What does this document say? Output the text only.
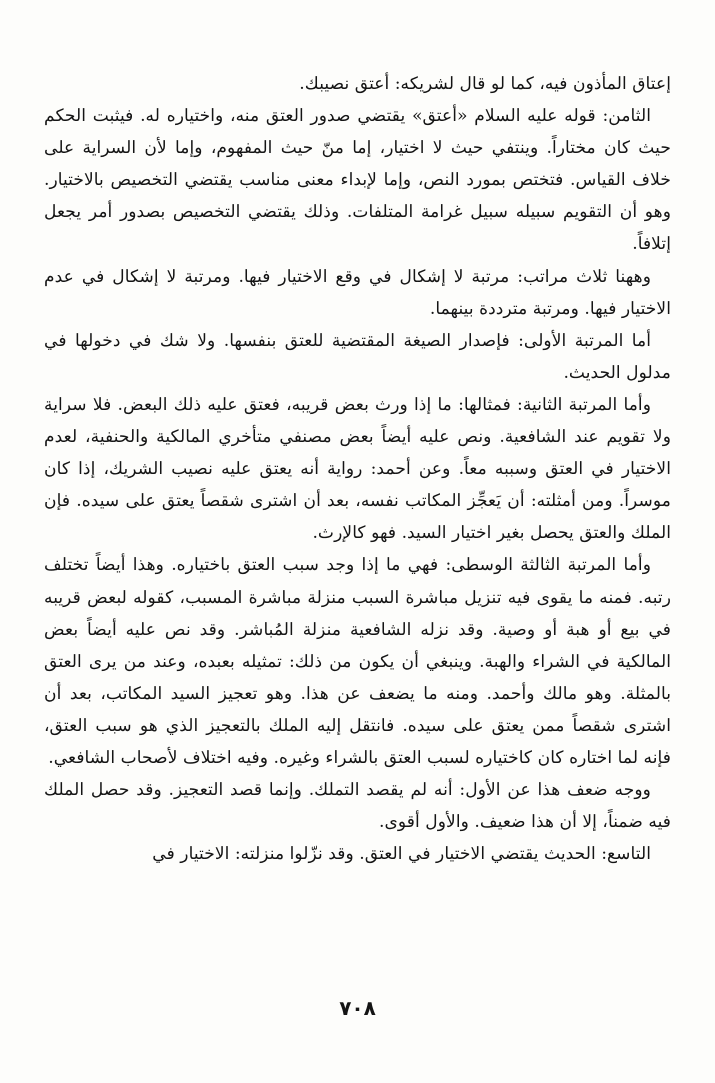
إعتاق المأذون فيه، كما لو قال لشريكه: أعتق نصيبك.

الثامن: قوله عليه السلام «أعتق» يقتضي صدور العتق منه، واختياره له. فيثبت الحكم حيث كان مختاراً. وينتفي حيث لا اختيار، إما منّ حيث المفهوم، وإما لأن السراية على خلاف القياس. فتختص بمورد النص، وإما لإبداء معنى مناسب يقتضي التخصيص بالاختيار. وهو أن التقويم سبيله سبيل غرامة المتلفات. وذلك يقتضي التخصيص بصدور أمر يجعل إتلافاً.

وههنا ثلاث مراتب: مرتبة لا إشكال في وقع الاختيار فيها. ومرتبة لا إشكال في عدم الاختيار فيها. ومرتبة مترددة بينهما.

أما المرتبة الأولى: فإصدار الصيغة المقتضية للعتق بنفسها. ولا شك في دخولها في مدلول الحديث.

وأما المرتبة الثانية: فمثالها: ما إذا ورث بعض قريبه، فعتق عليه ذلك البعض. فلا سراية ولا تقويم عند الشافعية. ونص عليه أيضاً بعض مصنفي متأخري المالكية والحنفية، لعدم الاختيار في العتق وسببه معاً. وعن أحمد: رواية أنه يعتق عليه نصيب الشريك، إذا كان موسراً. ومن أمثلته: أن يَعجِّز المكاتب نفسه، بعد أن اشترى شقصاً يعتق على سيده. فإن الملك والعتق يحصل بغير اختيار السيد. فهو كالإرث.

وأما المرتبة الثالثة الوسطى: فهي ما إذا وجد سبب العتق باختياره. وهذا أيضاً تختلف رتبه. فمنه ما يقوى فيه تنزيل مباشرة السبب منزلة مباشرة المسبب، كقوله لبعض قريبه في بيع أو هبة أو وصية. وقد نزله الشافعية منزلة المُباشر. وقد نص عليه أيضاً بعض المالكية في الشراء والهبة. وينبغي أن يكون من ذلك: تمثيله بعبده، وعند من يرى العتق بالمثلة. وهو مالك وأحمد. ومنه ما يضعف عن هذا. وهو تعجيز السيد المكاتب، بعد أن اشترى شقصاً ممن يعتق على سيده. فانتقل إليه الملك بالتعجيز الذي هو سبب العتق، فإنه لما اختاره كان كاختياره لسبب العتق بالشراء وغيره. وفيه اختلاف لأصحاب الشافعي.

ووجه ضعف هذا عن الأول: أنه لم يقصد التملك. وإنما قصد التعجيز. وقد حصل الملك فيه ضمناً، إلا أن هذا ضعيف. والأول أقوى.

التاسع: الحديث يقتضي الاختيار في العتق. وقد نزّلوا منزلته: الاختيار في

٧٠٨
